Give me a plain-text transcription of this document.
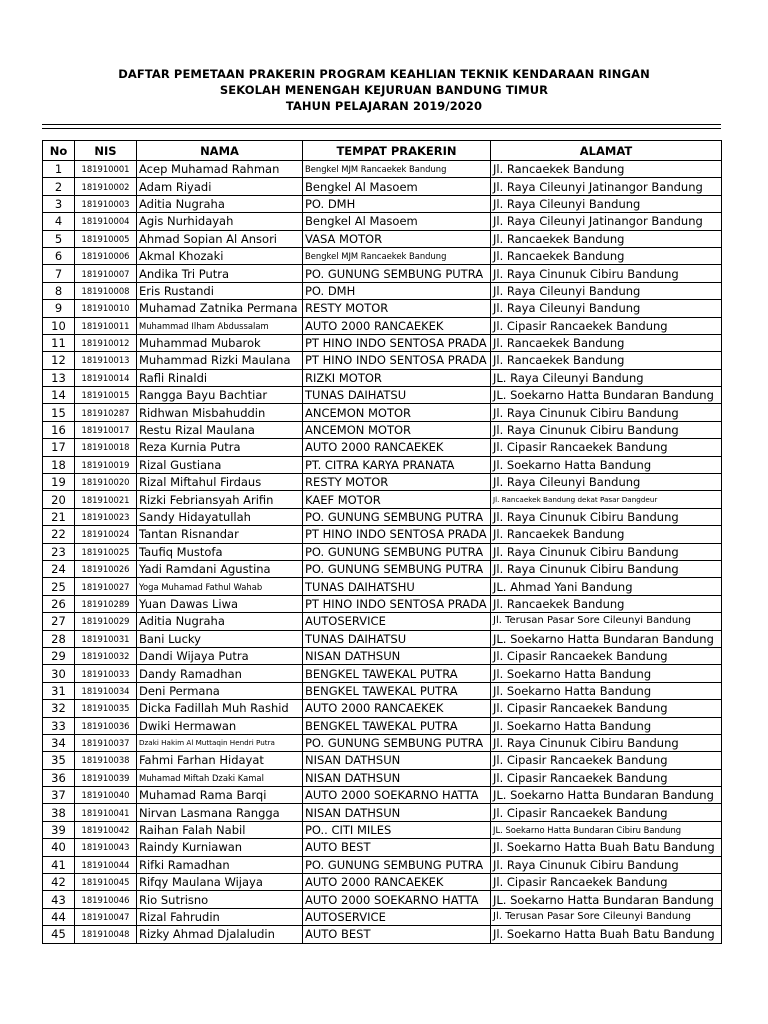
DAFTAR PEMETAAN PRAKERIN PROGRAM KEAHLIAN TEKNIK KENDARAAN RINGAN
SEKOLAH MENENGAH KEJURUAN BANDUNG TIMUR
TAHUN PELAJARAN 2019/2020
No	NIS	NAMA	TEMPAT PRAKERIN	ALAMAT
1	181910001	Acep Muhamad Rahman	Bengkel MJM Rancaekek Bandung	Jl. Rancaekek Bandung
2	181910002	Adam Riyadi	Bengkel Al Masoem	Jl. Raya Cileunyi Jatinangor Bandung
3	181910003	Aditia Nugraha	PO. DMH	Jl. Raya Cileunyi Bandung
4	181910004	Agis Nurhidayah	Bengkel Al Masoem	Jl. Raya Cileunyi Jatinangor Bandung
5	181910005	Ahmad Sopian Al Ansori	VASA MOTOR	Jl. Rancaekek Bandung
6	181910006	Akmal Khozaki	Bengkel MJM Rancaekek Bandung	Jl. Rancaekek Bandung
7	181910007	Andika Tri Putra	PO. GUNUNG SEMBUNG PUTRA	Jl. Raya Cinunuk Cibiru Bandung
8	181910008	Eris Rustandi	PO. DMH	Jl. Raya Cileunyi Bandung
9	181910010	Muhamad Zatnika Permana	RESTY MOTOR	Jl. Raya Cileunyi Bandung
10	181910011	Muhammad Ilham Abdussalam	AUTO 2000 RANCAEKEK	Jl. Cipasir Rancaekek Bandung
11	181910012	Muhammad Mubarok	PT HINO INDO SENTOSA PRADA	Jl. Rancaekek Bandung
12	181910013	Muhammad Rizki Maulana	PT HINO INDO SENTOSA PRADA	Jl. Rancaekek Bandung
13	181910014	Rafli Rinaldi	RIZKI MOTOR	JL. Raya Cileunyi Bandung
14	181910015	Rangga Bayu Bachtiar	TUNAS DAIHATSU	JL. Soekarno Hatta Bundaran Bandung
15	181910287	Ridhwan Misbahuddin	ANCEMON MOTOR	Jl. Raya Cinunuk Cibiru Bandung
16	181910017	Restu Rizal Maulana	ANCEMON MOTOR	Jl. Raya Cinunuk Cibiru Bandung
17	181910018	Reza Kurnia Putra	AUTO 2000 RANCAEKEK	Jl. Cipasir Rancaekek Bandung
18	181910019	Rizal Gustiana	PT. CITRA KARYA PRANATA	Jl. Soekarno Hatta Bandung
19	181910020	Rizal Miftahul Firdaus	RESTY MOTOR	Jl. Raya Cileunyi Bandung
20	181910021	Rizki Febriansyah Arifin	KAEF MOTOR	Jl. Rancaekek Bandung dekat Pasar Dangdeur
21	181910023	Sandy Hidayatullah	PO. GUNUNG SEMBUNG PUTRA	Jl. Raya Cinunuk Cibiru Bandung
22	181910024	Tantan Risnandar	PT HINO INDO SENTOSA PRADA	Jl. Rancaekek Bandung
23	181910025	Taufiq Mustofa	PO. GUNUNG SEMBUNG PUTRA	Jl. Raya Cinunuk Cibiru Bandung
24	181910026	Yadi Ramdani Agustina	PO. GUNUNG SEMBUNG PUTRA	Jl. Raya Cinunuk Cibiru Bandung
25	181910027	Yoga Muhamad Fathul Wahab	TUNAS DAIHATSHU	JL. Ahmad Yani Bandung
26	181910289	Yuan Dawas Liwa	PT HINO INDO SENTOSA PRADA	Jl. Rancaekek Bandung
27	181910029	Aditia Nugraha	AUTOSERVICE	Jl. Terusan Pasar Sore Cileunyi Bandung
28	181910031	Bani Lucky	TUNAS DAIHATSU	JL. Soekarno Hatta Bundaran Bandung
29	181910032	Dandi Wijaya Putra	NISAN DATHSUN	Jl. Cipasir Rancaekek Bandung
30	181910033	Dandy Ramadhan	BENGKEL TAWEKAL PUTRA	Jl. Soekarno Hatta Bandung
31	181910034	Deni Permana	BENGKEL TAWEKAL PUTRA	Jl. Soekarno Hatta Bandung
32	181910035	Dicka Fadillah Muh Rashid	AUTO 2000 RANCAEKEK	Jl. Cipasir Rancaekek Bandung
33	181910036	Dwiki Hermawan	BENGKEL TAWEKAL PUTRA	Jl. Soekarno Hatta Bandung
34	181910037	Dzaki Hakim Al Muttaqin Hendri Putra	PO. GUNUNG SEMBUNG PUTRA	Jl. Raya Cinunuk Cibiru Bandung
35	181910038	Fahmi Farhan Hidayat	NISAN DATHSUN	Jl. Cipasir Rancaekek Bandung
36	181910039	Muhamad Miftah Dzaki Kamal	NISAN DATHSUN	Jl. Cipasir Rancaekek Bandung
37	181910040	Muhamad Rama Barqi	AUTO 2000 SOEKARNO HATTA	JL. Soekarno Hatta Bundaran Bandung
38	181910041	Nirvan Lasmana Rangga	NISAN DATHSUN	Jl. Cipasir Rancaekek Bandung
39	181910042	Raihan Falah Nabil	PO.. CITI MILES	JL. Soekarno Hatta Bundaran Cibiru Bandung
40	181910043	Raindy Kurniawan	AUTO BEST	Jl. Soekarno Hatta Buah Batu Bandung
41	181910044	Rifki Ramadhan	PO. GUNUNG SEMBUNG PUTRA	Jl. Raya Cinunuk Cibiru Bandung
42	181910045	Rifqy Maulana Wijaya	AUTO 2000 RANCAEKEK	Jl. Cipasir Rancaekek Bandung
43	181910046	Rio Sutrisno	AUTO 2000 SOEKARNO HATTA	JL. Soekarno Hatta Bundaran Bandung
44	181910047	Rizal Fahrudin	AUTOSERVICE	Jl. Terusan Pasar Sore Cileunyi Bandung
45	181910048	Rizky Ahmad Djalaludin	AUTO BEST	Jl. Soekarno Hatta Buah Batu Bandung
